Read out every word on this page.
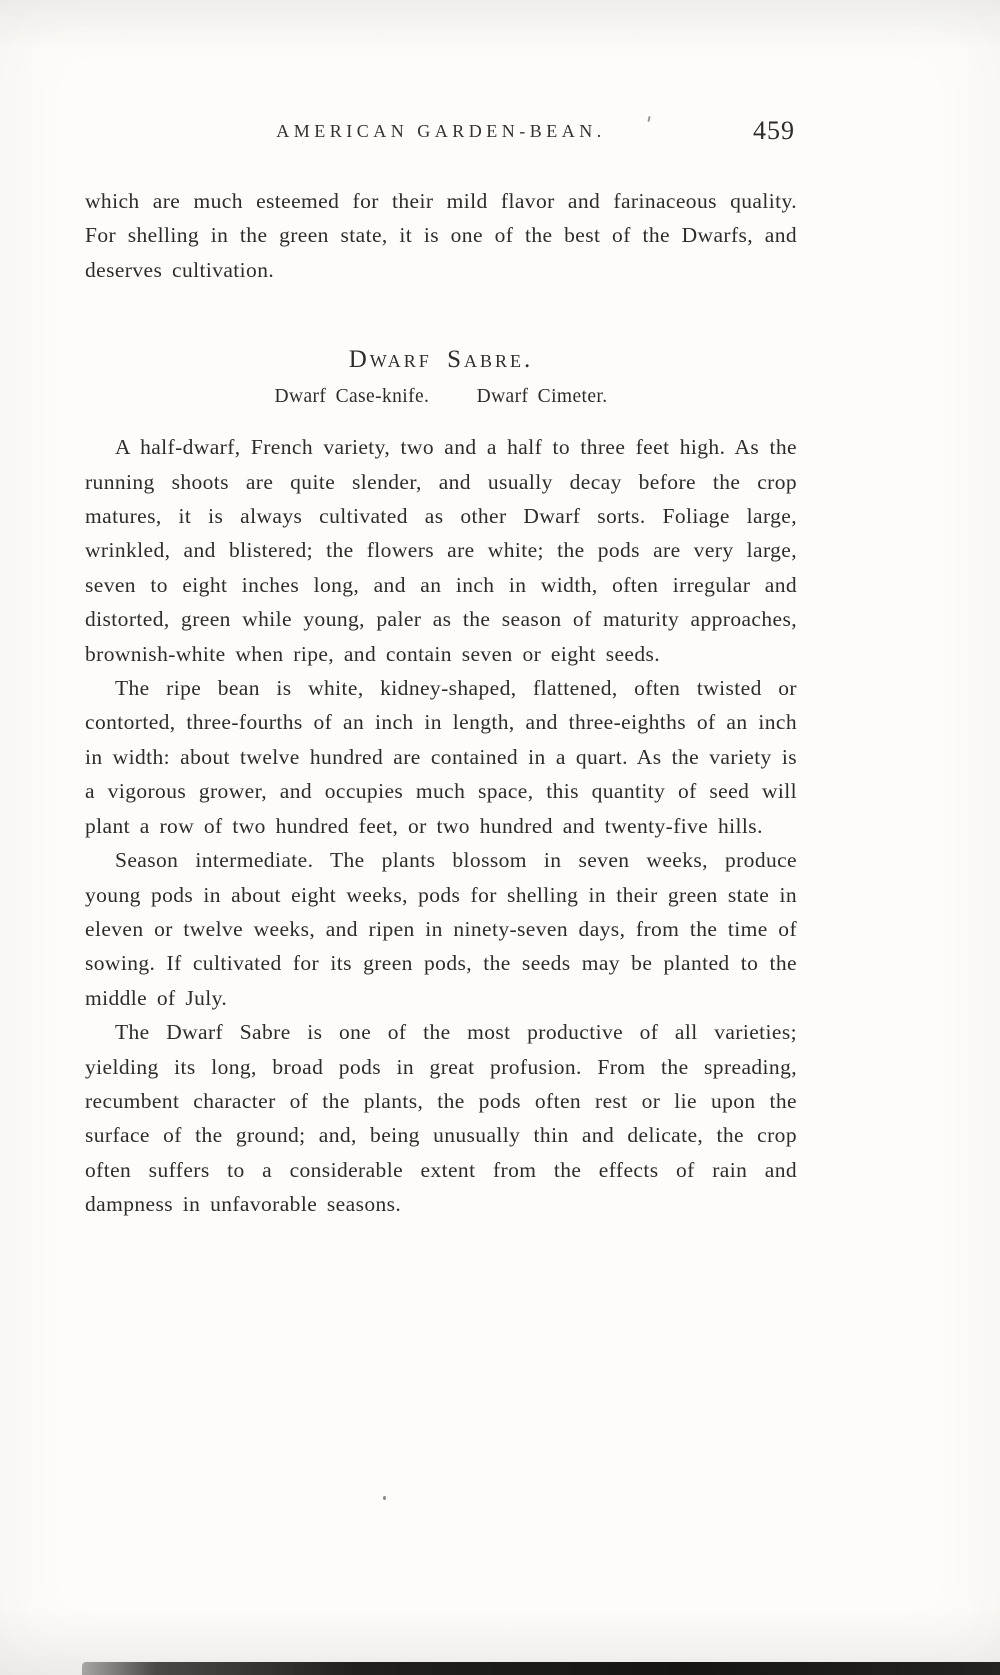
AMERICAN GARDEN-BEAN.	459

which are much esteemed for their mild flavor and farinaceous quality. For shelling in the green state, it is one of the best of the Dwarfs, and deserves cultivation.

Dwarf Sabre.

Dwarf Case-knife. Dwarf Cimeter.

A half-dwarf, French variety, two and a half to three feet high. As the running shoots are quite slender, and usually decay before the crop matures, it is always cultivated as other Dwarf sorts. Foliage large, wrinkled, and blistered; the flowers are white; the pods are very large, seven to eight inches long, and an inch in width, often irregular and distorted, green while young, paler as the season of maturity approaches, brownish-white when ripe, and contain seven or eight seeds.

The ripe bean is white, kidney-shaped, flattened, often twisted or contorted, three-fourths of an inch in length, and three-eighths of an inch in width: about twelve hundred are contained in a quart. As the variety is a vigorous grower, and occupies much space, this quantity of seed will plant a row of two hundred feet, or two hundred and twenty-five hills.

Season intermediate. The plants blossom in seven weeks, produce young pods in about eight weeks, pods for shelling in their green state in eleven or twelve weeks, and ripen in ninety-seven days, from the time of sowing. If cultivated for its green pods, the seeds may be planted to the middle of July.

The Dwarf Sabre is one of the most productive of all varieties; yielding its long, broad pods in great profusion. From the spreading, recumbent character of the plants, the pods often rest or lie upon the surface of the ground; and, being unusually thin and delicate, the crop often suffers to a considerable extent from the effects of rain and dampness in unfavorable seasons.
